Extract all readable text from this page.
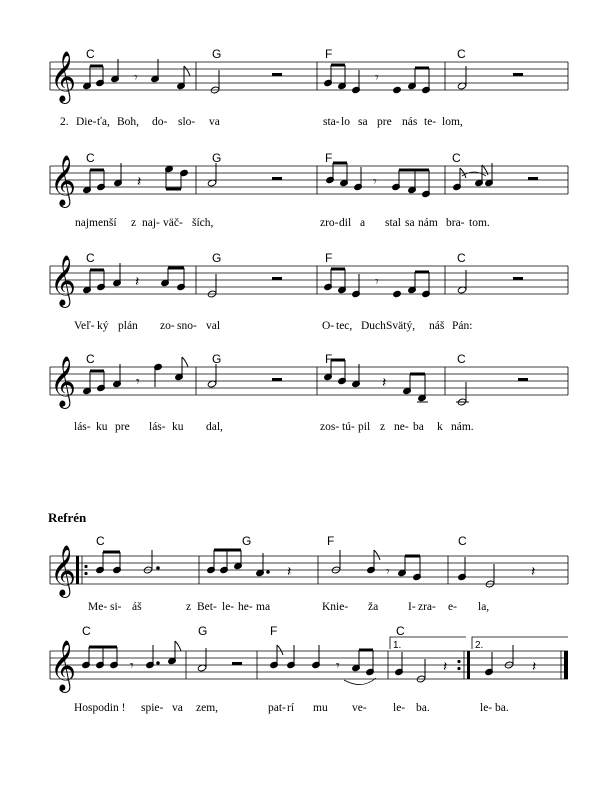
𝄞	𝄾	𝄾
C	G	F	C
2. Die- ťa, Boh, do- slo- va	sta- lo sa pre nás te- lom,
𝄞	𝄽	𝄾
C	G	F	C
najmenší z naj- väč- ších,	zro- dil a stal sa nám bra- tom.
𝄞	𝄽	𝄾
C	G	F	C
Veľ- ký plán zo- sno- val	O- tec, Duch Svätý, náš Pán:
𝄞	𝄾	𝄽
C	G	F	C
lás- ku pre lás- ku dal,	zos- tú- pil z ne- ba k nám.
Refrén
𝄞	𝄽	𝄾	𝄽
C	G	F	C
Me- si- áš	z Bet- le- he- ma	Knie- ža	I- zra- e- la,
𝄞	𝄾	𝄾	𝄽	𝄽
1.	2.
C	G	F	C
Hospodin ! spie- va zem,	pat- rí mu ve- le- ba.	le- ba.
